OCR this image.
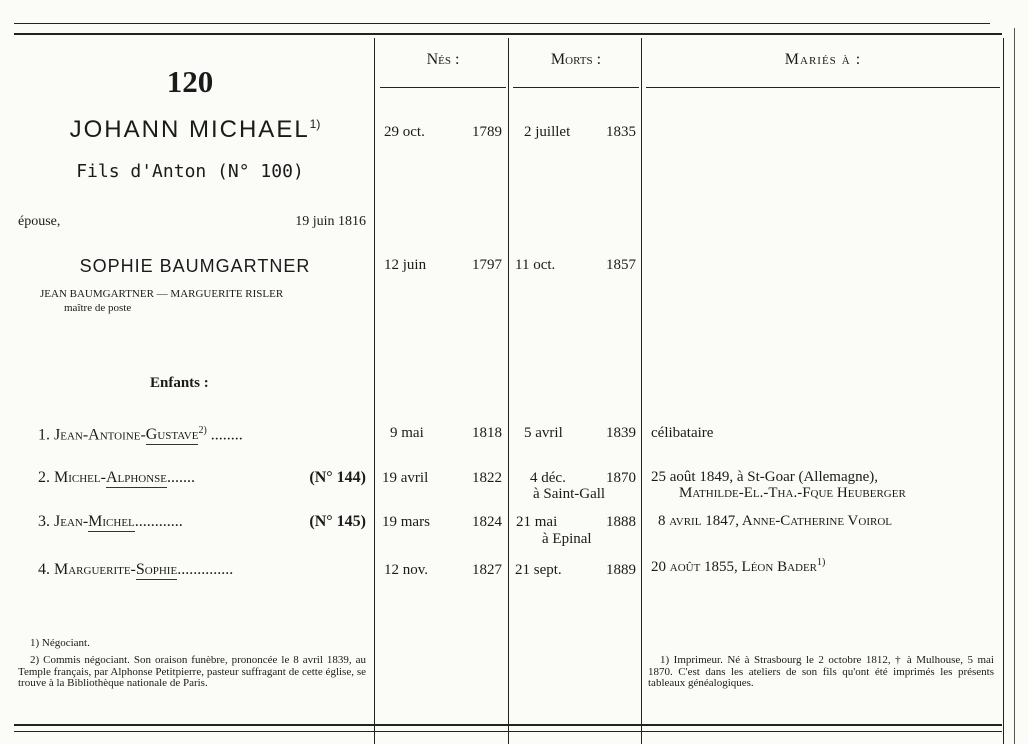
Nés :	Morts :	Mariés à :
120
JOHANN MICHAEL$^{1)}$
Fils d'Anton (N° 100)
29 oct.	1789 2 juillet	1835
épouse,	19 juin 1816
SOPHIE BAUMGARTNER
JEAN BAUMGARTNER — MARGUERITE RISLER
maître de poste
12 juin	1797 11 oct.	1857
Enfants :
1. Jean-Antoine-Gustave$^{2)}$ ........	9 mai	1818 5 avril	1839 célibataire
2. Michel-Alphonse.......	(N° 144) 19 avril	1822 4 déc.	1870
à Saint-Gall
25 août 1849, à St-Goar (Allemagne),
Mathilde-El.-Tha.-Fque Heuberger
3. Jean-Michel............	(N° 145) 19 mars	1824 21 mai	1888
à Epinal
8 avril 1847, Anne-Catherine Voirol
4. Marguerite-Sophie..............	12 nov.	1827 21 sept.	1889 20 août 1855, Léon Bader$^{1)}$
1) Négociant.
2) Commis négociant. Son oraison funèbre, prononcée le 8 avril 1839, au Temple français, par Alphonse Petitpierre, pasteur suffragant de cette église, se trouve à la Bibliothèque nationale de Paris.
1) Imprimeur. Né à Strasbourg le 2 octobre 1812, † à Mulhouse, 5 mai 1870. C'est dans les ateliers de son fils qu'ont été imprimés les présents tableaux généalogiques.
